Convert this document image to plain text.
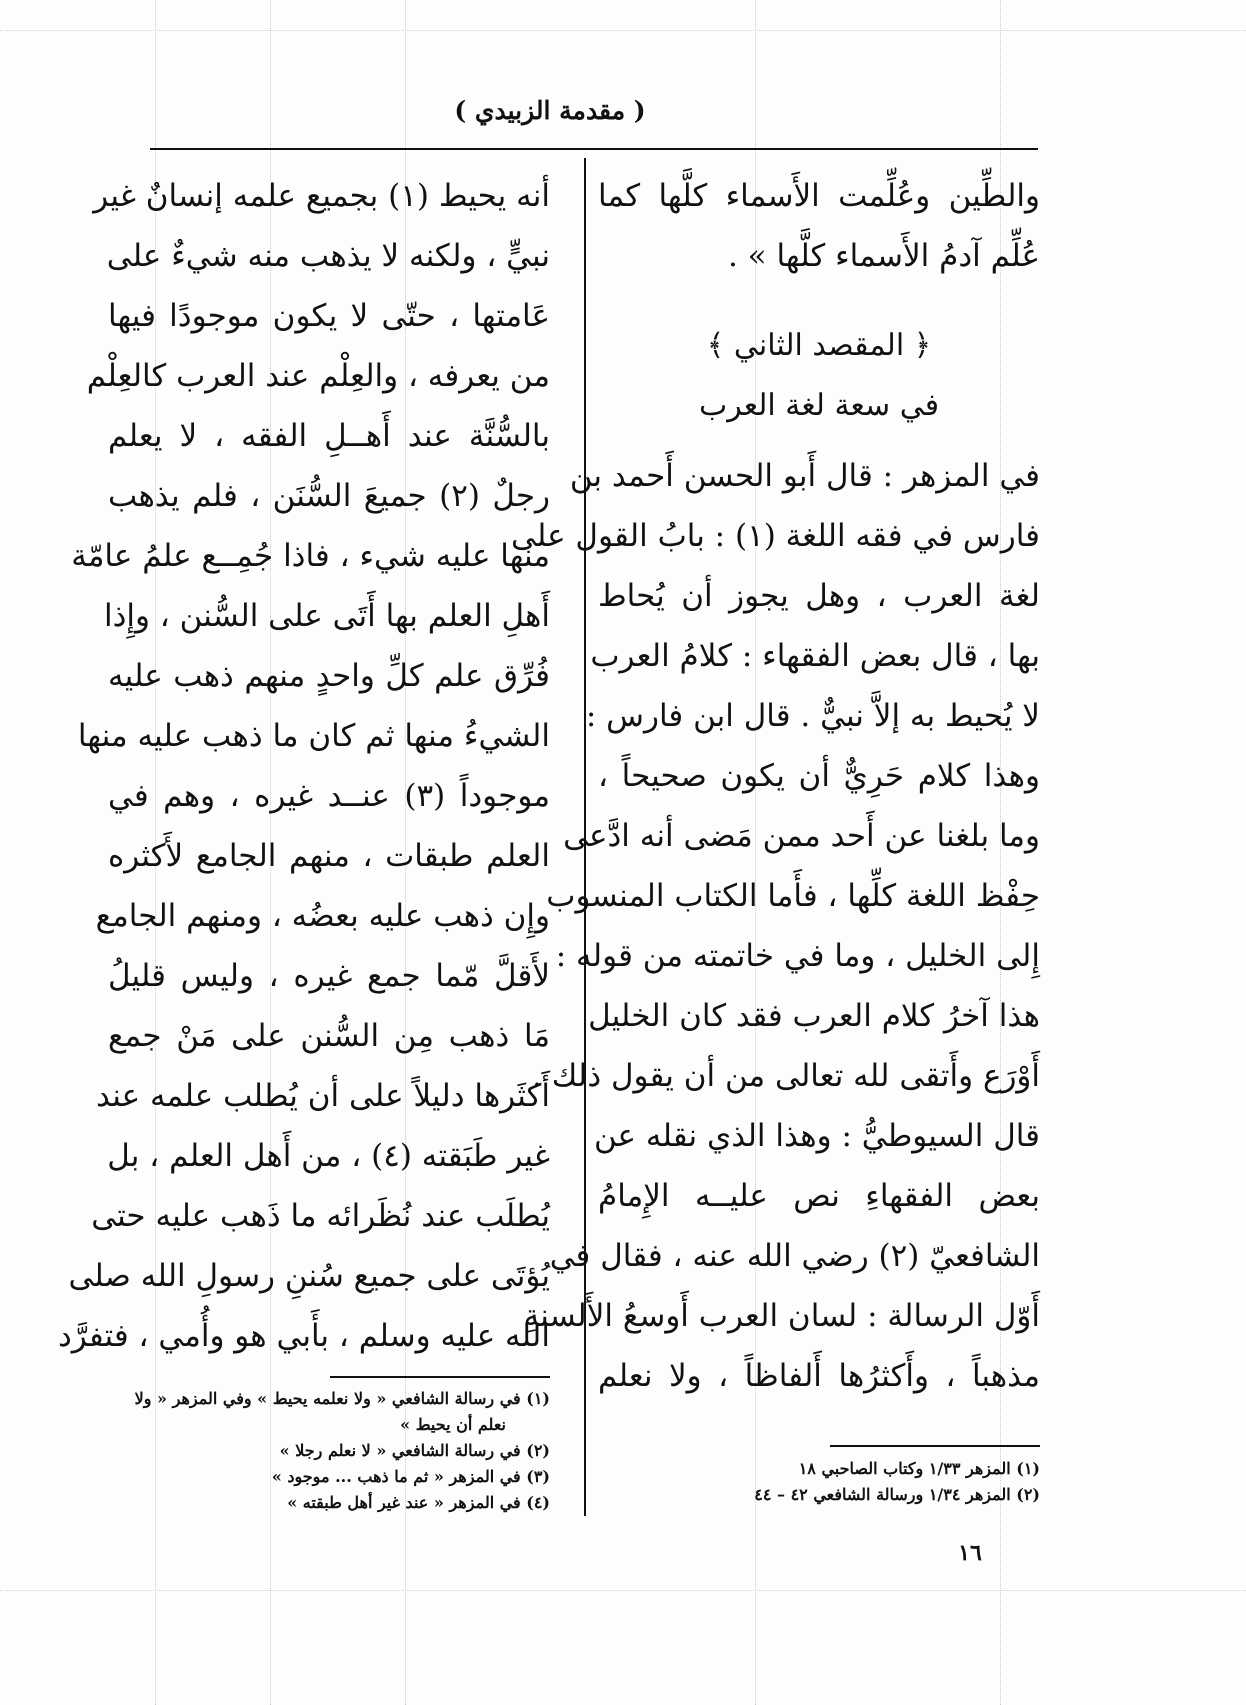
( مقدمة الزبيدي )
والطِّين وعُلِّمت الأَسماء كلَّها كما
عُلِّم آدمُ الأَسماء كلَّها » .
﴿ المقصد الثاني ﴾
في سعة لغة العرب
في المزهر : قال أَبو الحسن أَحمد بن
فارس في فقه اللغة (١) : بابُ القول على
لغة العرب ، وهل يجوز أن يُحاط
بها ، قال بعض الفقهاء : كلامُ العرب
لا يُحيط به إلاَّ نبيٌّ . قال ابن فارس :
وهذا كلام حَرِيٌّ أن يكون صحيحاً ،
وما بلغنا عن أَحد ممن مَضى أنه ادَّعى
حِفْظ اللغة كلِّها ، فأَما الكتاب المنسوب
إِلى الخليل ، وما في خاتمته من قوله :
هذا آخرُ كلام العرب فقد كان الخليل
أَوْرَع وأَتقى لله تعالى من أن يقول ذلك .
قال السيوطيُّ : وهذا الذي نقله عن
بعض الفقهاءِ نص عليــه الإِمامُ
الشافعيّ (٢) رضي الله عنه ، فقال في
أَوّل الرسالة : لسان العرب أَوسعُ الأَلسنةِ
مذهباً ، وأَكثرُها أَلفاظاً ، ولا نعلم
(١) المزهر ١/٣٣ وكتاب الصاحبي ١٨
(٢) المزهر ١/٣٤ ورسالة الشافعي ٤٢ – ٤٤
أنه يحيط (١) بجميع علمه إنسانٌ غير
نبيٍّ ، ولكنه لا يذهب منه شيءٌ على
عَامتها ، حتّى لا يكون موجودًا فيها
من يعرفه ، والعِلْم عند العرب كالعِلْم
بالسُّنَّة عند أَهــلِ الفقه ، لا يعلم
رجلٌ (٢) جميعَ السُّنَن ، فلم يذهب
منها عليه شيء ، فاذا جُمِــع علمُ عامّة
أَهلِ العلم بها أَتَى على السُّنن ، وإِذا
فُرِّق علم كلِّ واحدٍ منهم ذهب عليه
الشيءُ منها ثم كان ما ذهب عليه منها
موجوداً (٣) عنــد غيره ، وهم في
العلم طبقات ، منهم الجامع لأَكثره
وإِن ذهب عليه بعضُه ، ومنهم الجامع
لأَقلَّ مّما جمع غيره ، وليس قليلُ
مَا ذهب مِن السُّنن على مَنْ جمع
أَكثَرها دليلاً على أن يُطلب علمه عند
غير طَبَقته (٤) ، من أَهل العلم ، بل
يُطلَب عند نُظَرائه ما ذَهب عليه حتى
يُؤتَى على جميع سُننِ رسولِ الله صلى
الله عليه وسلم ، بأَبي هو وأُمي ، فتفرَّد
(١) في رسالة الشافعي « ولا نعلمه يحيط » وفي المزهر « ولا
نعلم أن يحيط »
(٢) في رسالة الشافعي « لا نعلم رجلا »
(٣) في المزهر « ثم ما ذهب ... موجود »
(٤) في المزهر « عند غير أهل طبقته »
١٦
